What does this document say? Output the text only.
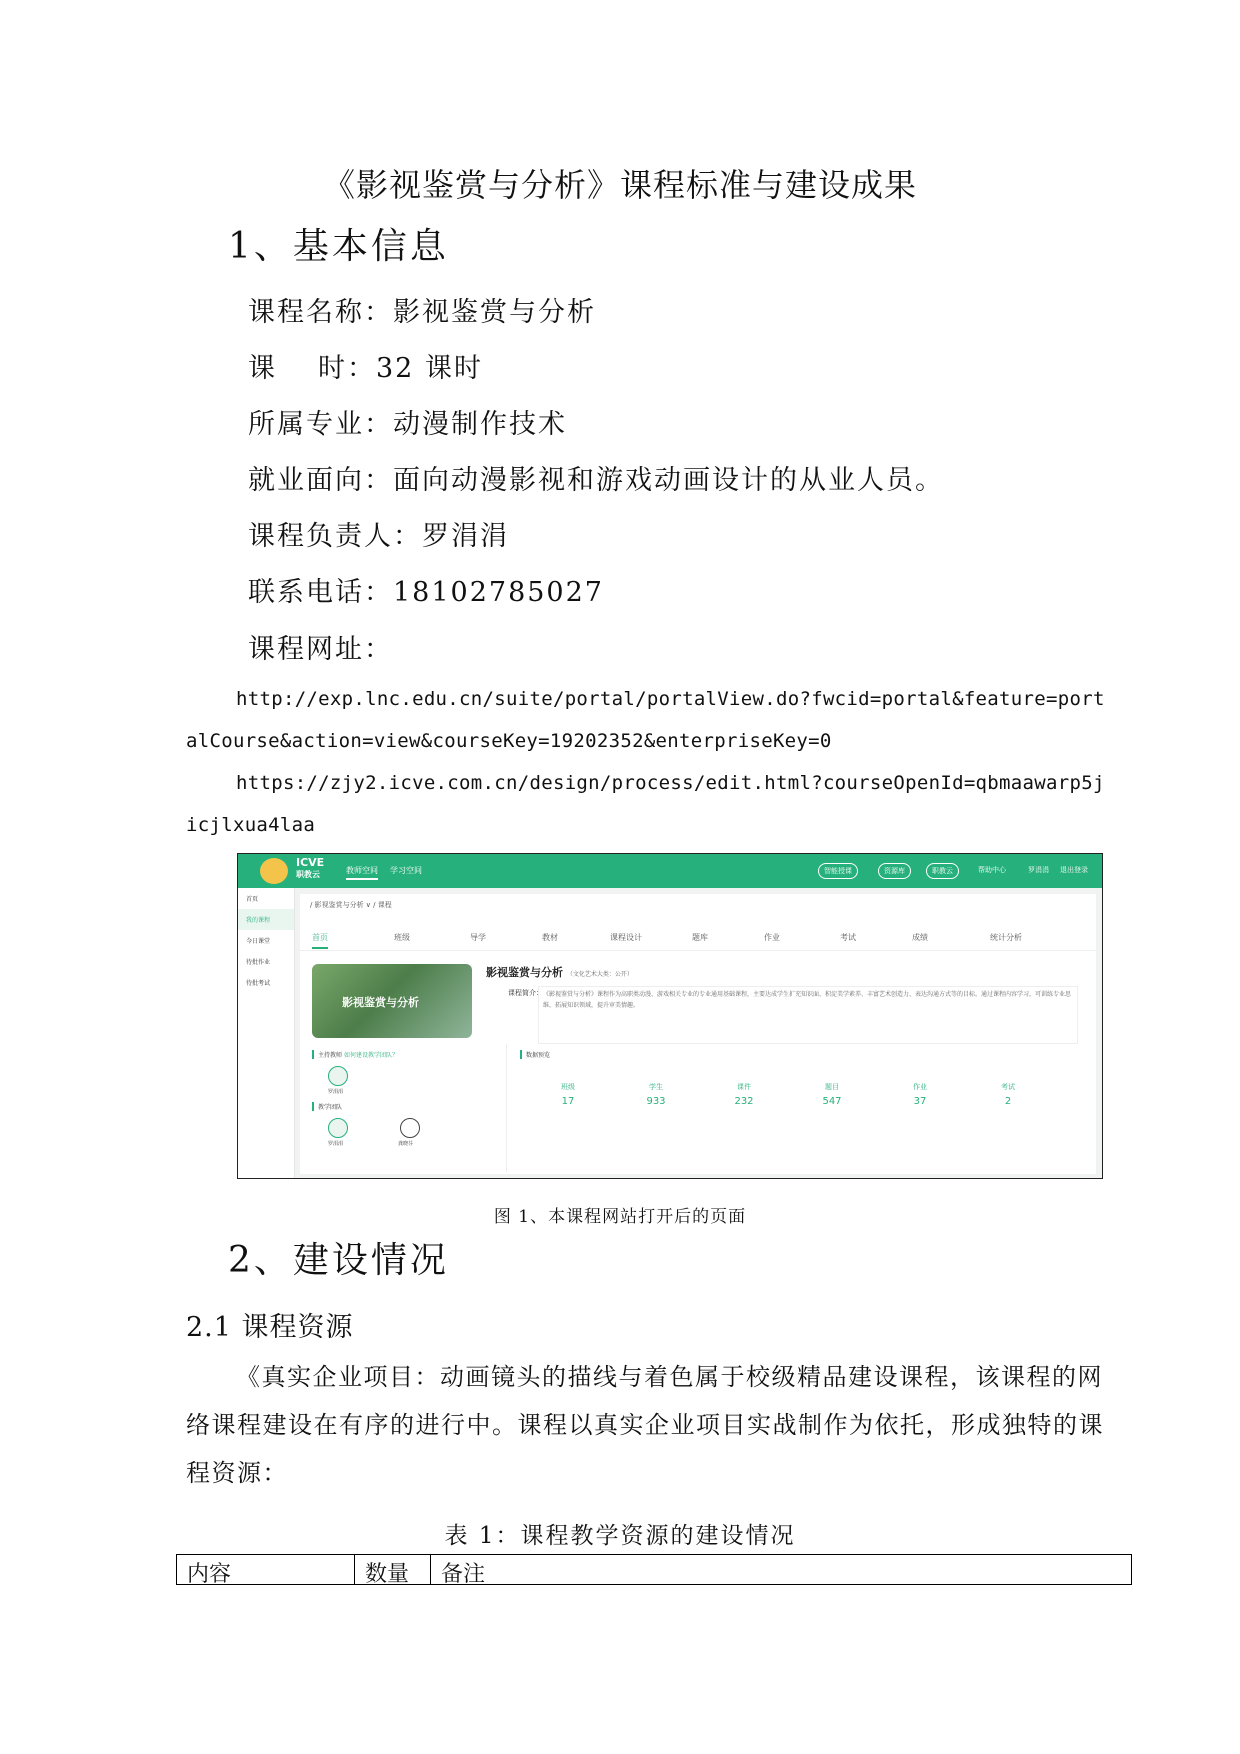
《影视鉴赏与分析》课程标准与建设成果
1、基本信息
课程名称：影视鉴赏与分析
课 时：32 课时
所属专业：动漫制作技术
就业面向：面向动漫影视和游戏动画设计的从业人员。
课程负责人：罗涓涓
联系电话：18102785027
课程网址：
http://exp.lnc.edu.cn/suite/portal/portalView.do?fwcid=portal&feature=port
alCourse&action=view&courseKey=19202352&enterpriseKey=0
https://zjy2.icve.com.cn/design/process/edit.html?courseOpenId=qbmaawarp5j
icjlxua4laa
ICVE
职教云	教师空间 学习空间	智能授课	资源库	职教云	帮助中心	罗涓涓 退出登录
首页
我的课程
今日课堂
待批作业
待批考试
/ 影视鉴赏与分析 ∨ / 课程
首页	班级	导学	教材	课程设计	题库	作业	考试	成绩	统计分析
影视鉴赏与分析
影视鉴赏与分析 （文化艺术大类：公开）
课程简介： 《影视鉴赏与分析》课程作为高职类动漫、游戏相关专业的专业通用基础课程，主要达成学生扩充知识面、积淀美学素养、丰富艺术创造力、表达沟通方式等的目标。通过课程内容学习，可训练专业思维，拓展知识领域，提升审美情趣。
主持教师 如何建设教学团队？
罗涓涓
教学团队
罗涓涓	龚晓芬
数据预览
班级
17
学生
933
课件
232
题目
547
作业
37
考试
2
图 1、本课程网站打开后的页面
2、建设情况
2.1 课程资源
《真实企业项目：动画镜头的描线与着色属于校级精品建设课程，该课程的网
络课程建设在有序的进行中。课程以真实企业项目实战制作为依托，形成独特的课
程资源：
表 1：课程教学资源的建设情况
内容	数量	备注
